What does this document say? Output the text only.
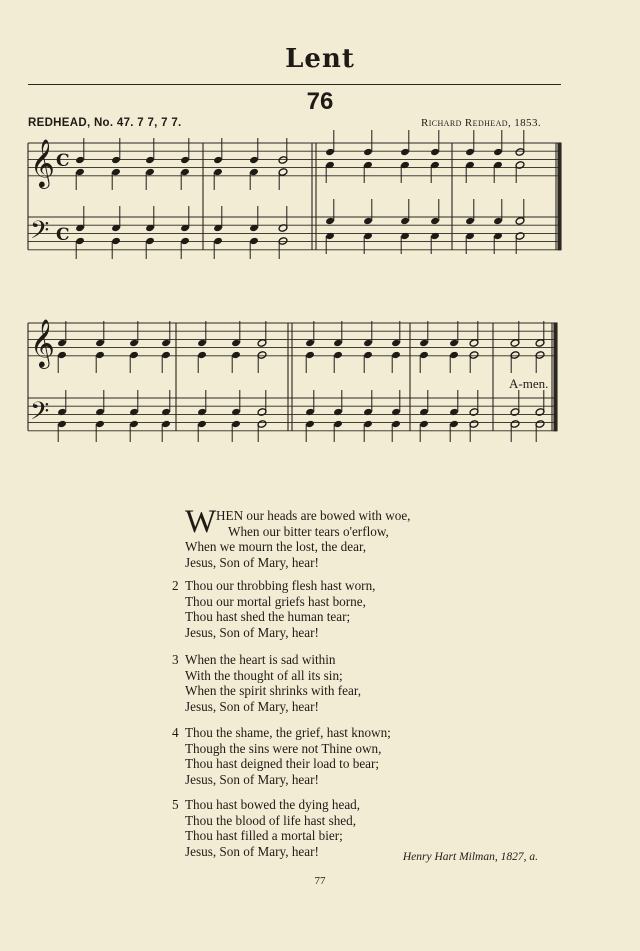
Lent
76
REDHEAD, No. 47. 7 7, 7 7.	Richard Redhead, 1853.
𝄞 C
𝄢 C
𝄞
𝄢
A-men.
W HEN our heads are bowed with woe,
When our bitter tears o'erflow,
When we mourn the lost, the dear,
Jesus, Son of Mary, hear!
2 Thou our throbbing flesh hast worn,
Thou our mortal griefs hast borne,
Thou hast shed the human tear;
Jesus, Son of Mary, hear!
3 When the heart is sad within
With the thought of all its sin;
When the spirit shrinks with fear,
Jesus, Son of Mary, hear!
4 Thou the shame, the grief, hast known;
Though the sins were not Thine own,
Thou hast deigned their load to bear;
Jesus, Son of Mary, hear!
5 Thou hast bowed the dying head,
Thou the blood of life hast shed,
Thou hast filled a mortal bier;
Jesus, Son of Mary, hear!	Henry Hart Milman, 1827, a.
77
